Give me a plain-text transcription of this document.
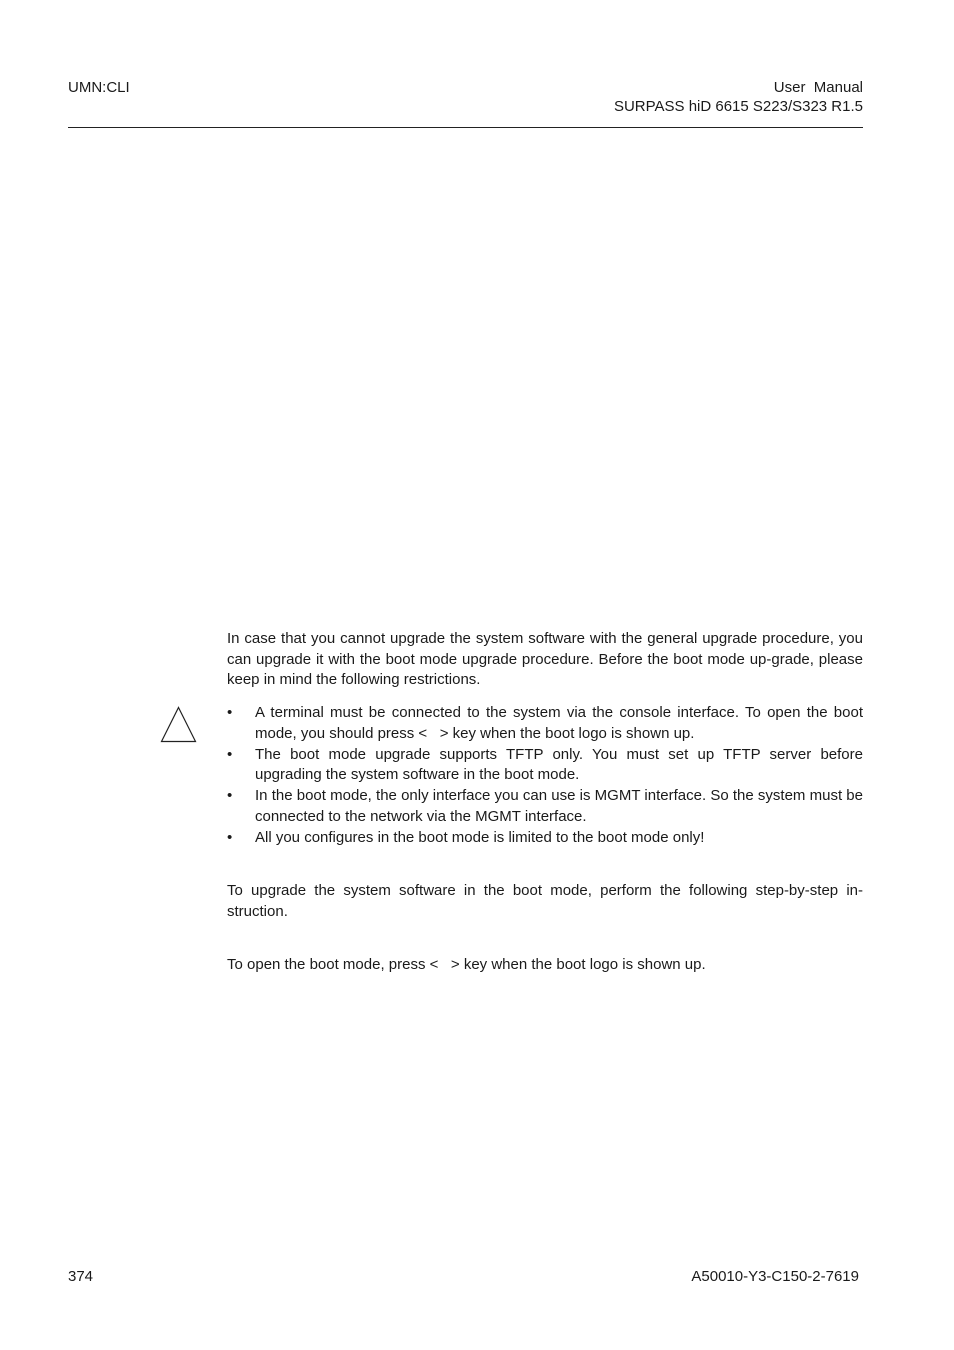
UMN:CLI	User  Manual
SURPASS hiD 6615 S223/S323 R1.5
In case that you cannot upgrade the system software with the general upgrade procedure, you can upgrade it with the boot mode upgrade procedure. Before the boot mode up-grade, please keep in mind the following restrictions.
• A terminal must be connected to the system via the console interface. To open the boot mode, you should press <   > key when the boot logo is shown up.
• The boot mode upgrade supports TFTP only. You must set up TFTP server before upgrading the system software in the boot mode.
• In the boot mode, the only interface you can use is MGMT interface. So the system must be connected to the network via the MGMT interface.
• All you configures in the boot mode is limited to the boot mode only!
To upgrade the system software in the boot mode, perform the following step-by-step in-struction.
To open the boot mode, press <   > key when the boot logo is shown up.
374	A50010-Y3-C150-2-7619
